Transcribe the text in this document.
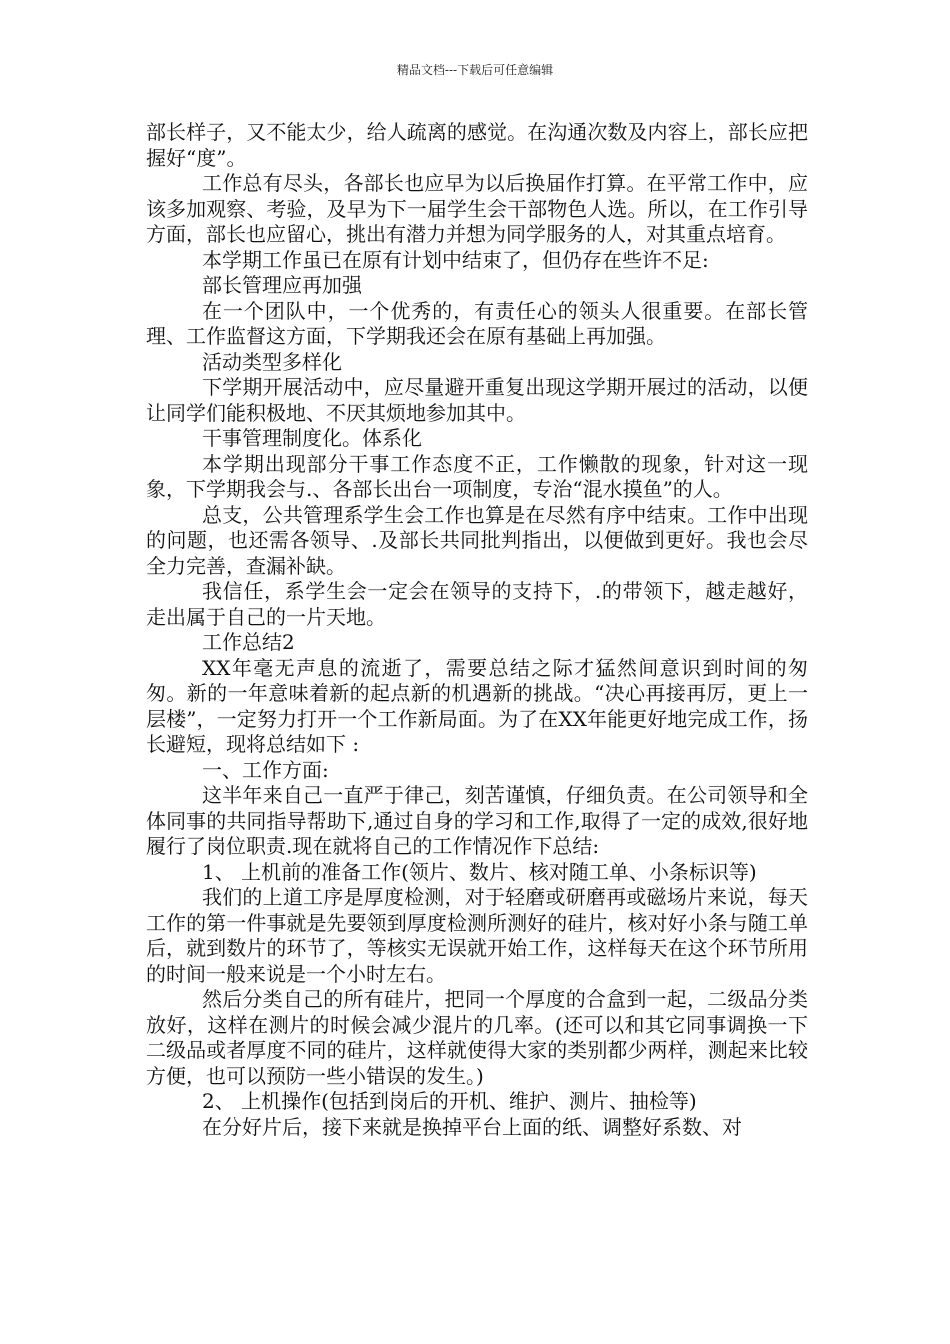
精品文档---下载后可任意编辑

部长样子，又不能太少，给人疏离的感觉。在沟通次数及内容上，部长应把握好“度”。

工作总有尽头，各部长也应早为以后换届作打算。在平常工作中，应该多加观察、考验，及早为下一届学生会干部物色人选。所以，在工作引导方面，部长也应留心，挑出有潜力并想为同学服务的人，对其重点培育。

本学期工作虽已在原有计划中结束了，但仍存在些许不足:

部长管理应再加强

在一个团队中，一个优秀的，有责任心的领头人很重要。在部长管理、工作监督这方面，下学期我还会在原有基础上再加强。

活动类型多样化

下学期开展活动中，应尽量避开重复出现这学期开展过的活动，以便让同学们能积极地、不厌其烦地参加其中。

干事管理制度化。体系化

本学期出现部分干事工作态度不正，工作懒散的现象，针对这一现象，下学期我会与.、各部长出台一项制度，专治“混水摸鱼”的人。

总支，公共管理系学生会工作也算是在尽然有序中结束。工作中出现的问题，也还需各领导、.及部长共同批判指出，以便做到更好。我也会尽全力完善，查漏补缺。

我信任，系学生会一定会在领导的支持下，.的带领下，越走越好，走出属于自己的一片天地。

工作总结2

XX年毫无声息的流逝了，需要总结之际才猛然间意识到时间的匆匆。新的一年意味着新的起点新的机遇新的挑战。“决心再接再厉，更上一层楼”，一定努力打开一个工作新局面。为了在XX年能更好地完成工作，扬长避短，现将总结如下 :

一、工作方面:

这半年来自己一直严于律己，刻苦谨慎，仔细负责。在公司领导和全体同事的共同指导帮助下,通过自身的学习和工作,取得了一定的成效,很好地履行了岗位职责.现在就将自己的工作情况作下总结:

1、 上机前的准备工作(领片、数片、核对随工单、小条标识等)

我们的上道工序是厚度检测，对于轻磨或研磨再或磁场片来说，每天工作的第一件事就是先要领到厚度检测所测好的硅片，核对好小条与随工单后，就到数片的环节了，等核实无误就开始工作，这样每天在这个环节所用的时间一般来说是一个小时左右。

然后分类自己的所有硅片，把同一个厚度的合盒到一起，二级品分类放好，这样在测片的时候会减少混片的几率。(还可以和其它同事调换一下二级品或者厚度不同的硅片，这样就使得大家的类别都少两样，测起来比较方便，也可以预防一些小错误的发生。)

2、 上机操作(包括到岗后的开机、维护、测片、抽检等)

在分好片后，接下来就是换掉平台上面的纸、调整好系数、对
